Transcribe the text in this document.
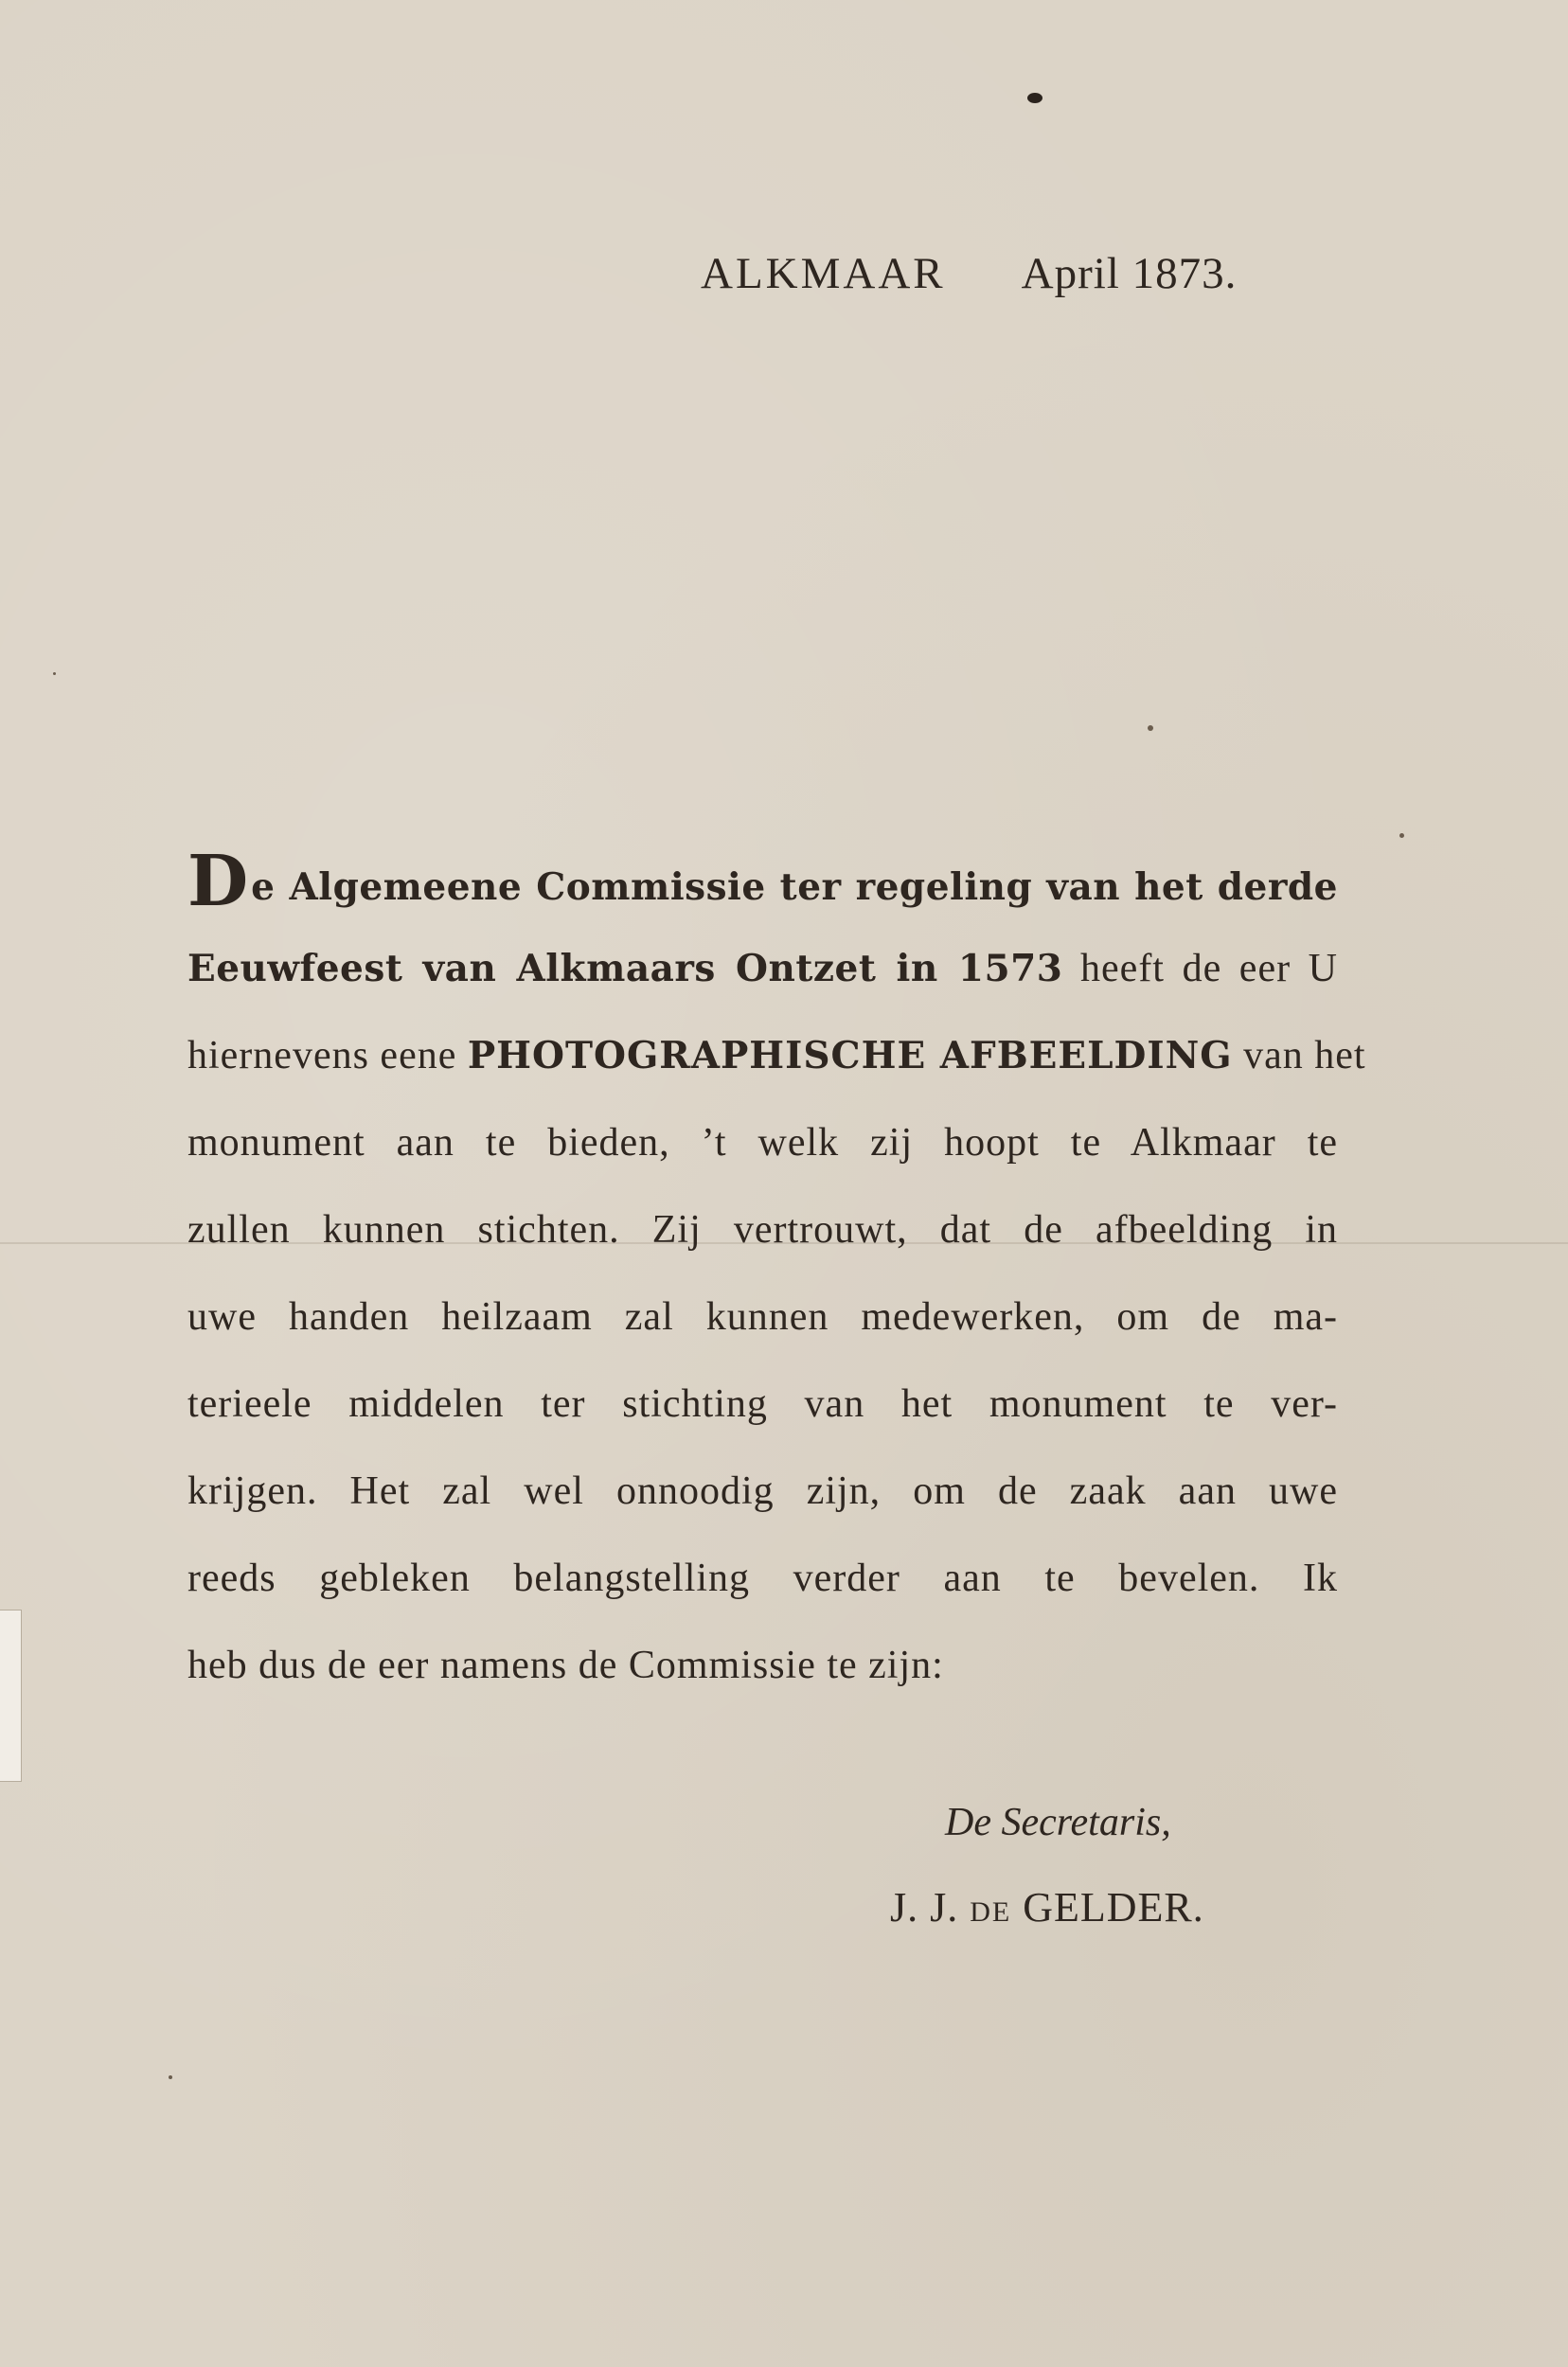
ALKMAAR April 1873.
De Algemeene Commissie ter regeling van het derde
Eeuwfeest van Alkmaars Ontzet in 1573 heeft de eer U
hiernevens eene PHOTOGRAPHISCHE AFBEELDING van het
monument aan te bieden, ’t welk zij hoopt te Alkmaar te
zullen kunnen stichten. Zij vertrouwt, dat de afbeelding in
uwe handen heilzaam zal kunnen medewerken, om de ma-
terieele middelen ter stichting van het monument te ver-
krijgen. Het zal wel onnoodig zijn, om de zaak aan uwe
reeds gebleken belangstelling verder aan te bevelen. Ik
heb dus de eer namens de Commissie te zijn:
De Secretaris,
J. J. DE GELDER.
